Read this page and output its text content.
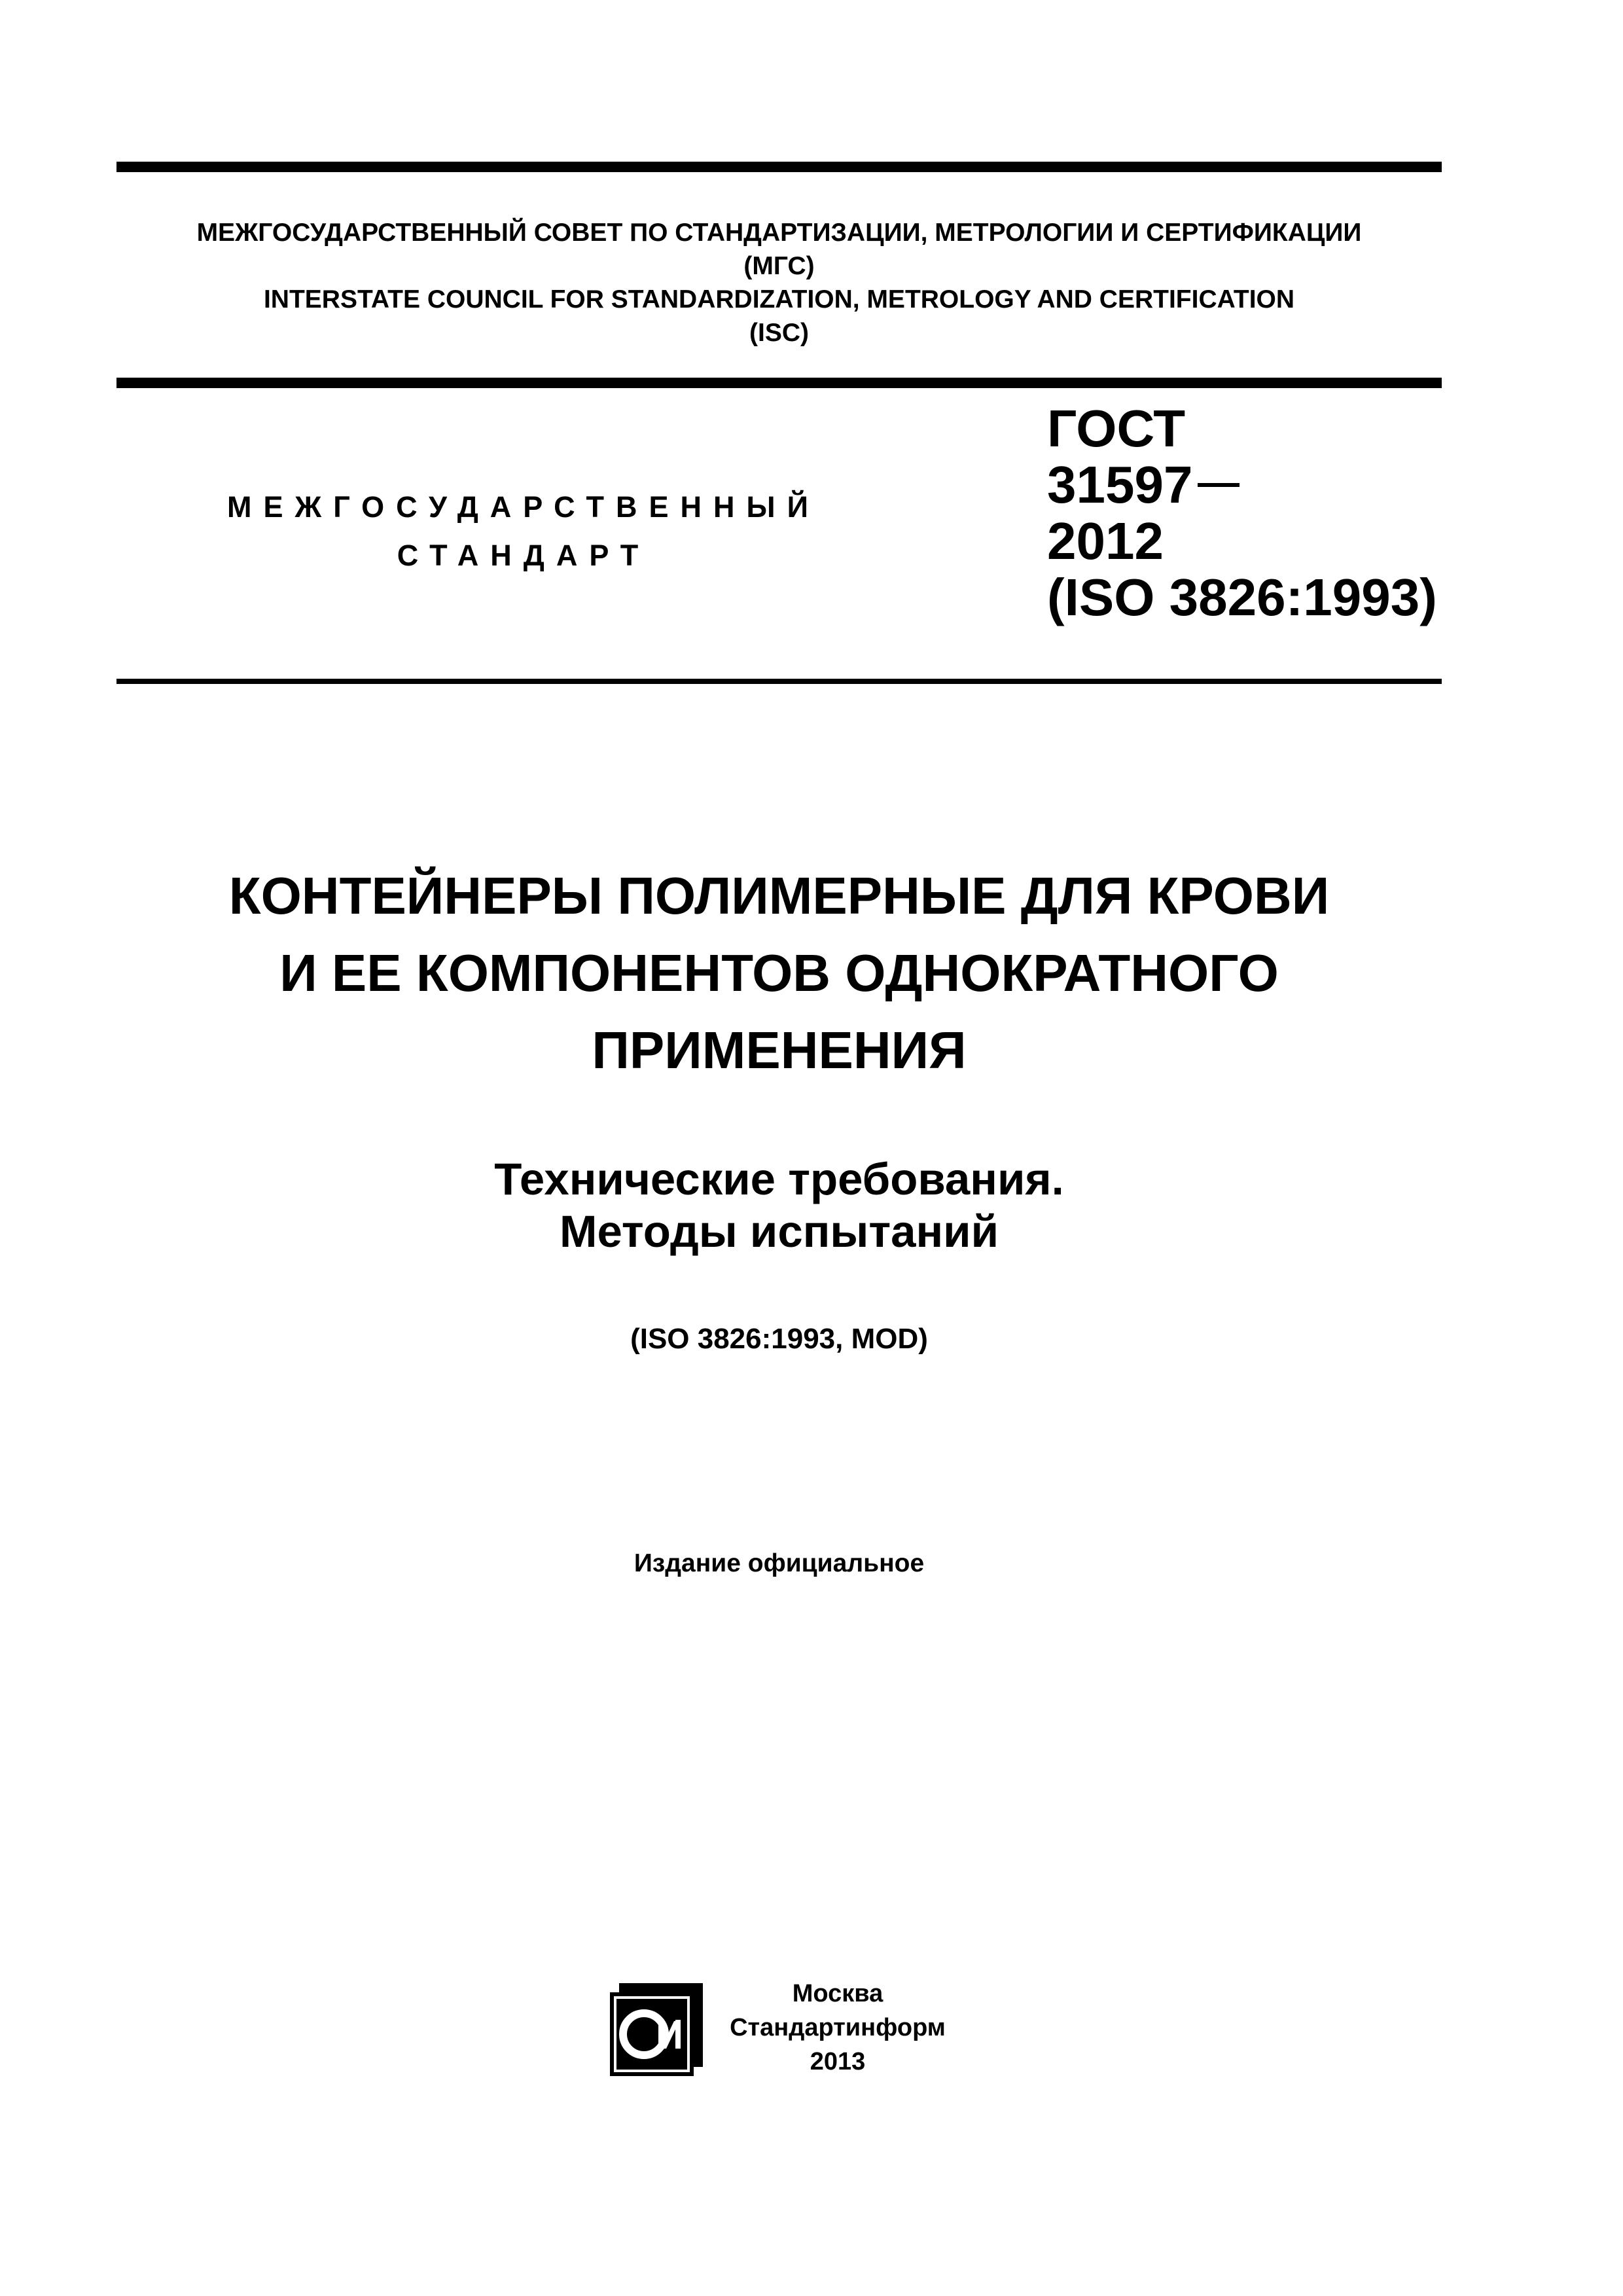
МЕЖГОСУДАРСТВЕННЫЙ СОВЕТ ПО СТАНДАРТИЗАЦИИ, МЕТРОЛОГИИ И СЕРТИФИКАЦИИ
(МГС)
INTERSTATE COUNCIL FOR STANDARDIZATION, METROLOGY AND CERTIFICATION
(ISC)
МЕЖГОСУДАРСТВЕННЫЙ
СТАНДАРТ
ГОСТ
31597
2012
(ISO 3826:1993)
КОНТЕЙНЕРЫ ПОЛИМЕРНЫЕ ДЛЯ КРОВИ
И ЕЕ КОМПОНЕНТОВ ОДНОКРАТНОГО
ПРИМЕНЕНИЯ
Технические требования.
Методы испытаний
(ISO 3826:1993, MOD)
Издание официальное
Москва
Стандартинформ
2013
